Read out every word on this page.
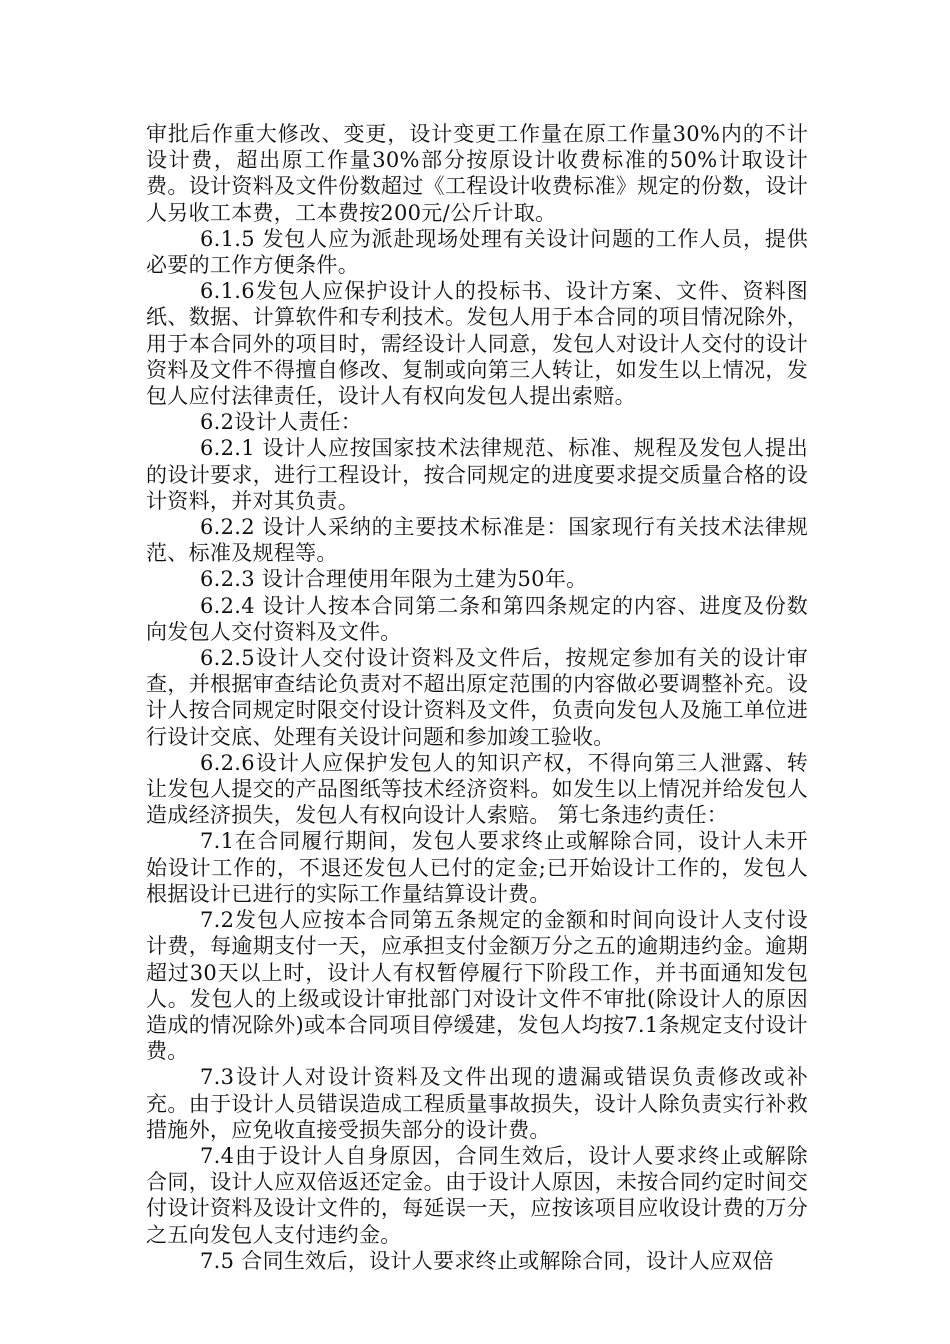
审批后作重大修改、变更，设计变更工作量在原工作量30%内的不计设计费，超出原工作量30%部分按原设计收费标准的50%计取设计费。设计资料及文件份数超过《工程设计收费标准》规定的份数，设计人另收工本费，工本费按200元/公斤计取。

6.1.5 发包人应为派赴现场处理有关设计问题的工作人员，提供必要的工作方便条件。

6.1.6发包人应保护设计人的投标书、设计方案、文件、资料图纸、数据、计算软件和专利技术。发包人用于本合同的项目情况除外，用于本合同外的项目时，需经设计人同意，发包人对设计人交付的设计资料及文件不得擅自修改、复制或向第三人转让，如发生以上情况，发包人应付法律责任，设计人有权向发包人提出索赔。

6.2设计人责任：

6.2.1 设计人应按国家技术法律规范、标准、规程及发包人提出的设计要求，进行工程设计，按合同规定的进度要求提交质量合格的设计资料，并对其负责。

6.2.2 设计人采纳的主要技术标准是：国家现行有关技术法律规范、标准及规程等。

6.2.3 设计合理使用年限为土建为50年。

6.2.4 设计人按本合同第二条和第四条规定的内容、进度及份数向发包人交付资料及文件。

6.2.5设计人交付设计资料及文件后，按规定参加有关的设计审查，并根据审查结论负责对不超出原定范围的内容做必要调整补充。设计人按合同规定时限交付设计资料及文件，负责向发包人及施工单位进行设计交底、处理有关设计问题和参加竣工验收。

6.2.6设计人应保护发包人的知识产权，不得向第三人泄露、转让发包人提交的产品图纸等技术经济资料。如发生以上情况并给发包人造成经济损失，发包人有权向设计人索赔。 第七条违约责任：

7.1在合同履行期间，发包人要求终止或解除合同，设计人未开始设计工作的，不退还发包人已付的定金;已开始设计工作的，发包人根据设计已进行的实际工作量结算设计费。

7.2发包人应按本合同第五条规定的金额和时间向设计人支付设计费，每逾期支付一天，应承担支付金额万分之五的逾期违约金。逾期超过30天以上时，设计人有权暂停履行下阶段工作，并书面通知发包人。发包人的上级或设计审批部门对设计文件不审批(除设计人的原因造成的情况除外)或本合同项目停缓建，发包人均按7.1条规定支付设计费。

7.3设计人对设计资料及文件出现的遗漏或错误负责修改或补充。由于设计人员错误造成工程质量事故损失，设计人除负责实行补救措施外，应免收直接受损失部分的设计费。

7.4由于设计人自身原因，合同生效后，设计人要求终止或解除合同，设计人应双倍返还定金。由于设计人原因，未按合同约定时间交付设计资料及设计文件的，每延误一天，应按该项目应收设计费的万分之五向发包人支付违约金。

7.5 合同生效后，设计人要求终止或解除合同，设计人应双倍
